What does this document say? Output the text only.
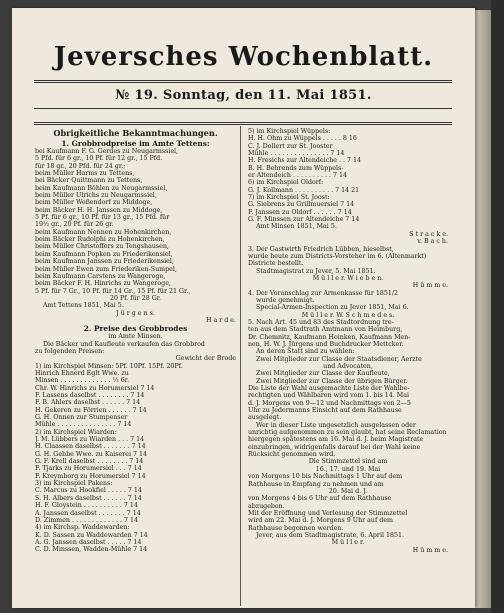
Jeversches Wochenblatt.
№ 19. Sonntag, den 11. Mai 1851.
Obrigkeitliche Bekanntmachungen.
1. Grobbrodpreise im Amte Tettens:
bei Kaufmann F. G. Gerdes zu Neugarmssiel,
5 Pfd. für 6 gr., 10 Pf. für 12 gr., 15 Pfd.
für 18 gr., 20 Pfd. für 24 gr.;
beim Müller Harms zu Tettens,
bei Bäcker Quittmann zu Tettens,
beim Kaufmann Böhlen zu Neugarmssiel,
beim Müller Ulrichs zu Neugarmssiel,
beim Müller Weßendorf zu Middoge,
beim Bäcker H. H. Janssen zu Middoge,
5 Pf. für 6 gr., 10 Pf. für 13 gr., 15 Pfd. für
19½ gr., 20 Pf. für 26 gr.
beim Kaufmann Nennen zu Hohenkirchen,
beim Bäcker Rudolphi zu Hohenkirchen,
beim Müller Christoffers zu Tengshausen,
beim Kaufmann Popken zu Friederikensiel,
beim Kaufmann Janssen zu Friederikensiel,
beim Müller Ewen zum Friederiken-Sumpel,
beim Kaufmann Carstens zu Wangeroge,
beim Bäcker F. H. Hinrichs zu Wangeroge,
5 Pf. für 7 Gr., 10 Pf. für 14 Gr., 15 Pf. für 21 Gr.,
20 Pf. für 28 Gr.
Amt Tettens 1851, Mai 5.
J ü r g e n s.
H a r d e.
2. Preise des Grobbrodes
im Amte Minsen.
Die Bäcker und Kaufleute verkaufen das Grobbrod
zu folgenden Preisen:
Gewicht der Brode
1) im Kirchspiel Minsen: 5Pf. 10Pf. 15Pf. 20Pf.
Hinrich Ehnerd Eglt Wwe. zu
Minsen . . . . . . . . . . . . . ½ 6r.
Chr. W. Hinrichs zu Horumersiel 7 14
F. Lassens daselbst . . . . . . . . 7 14
F. B. Ahlers daselbst . . . . . . 7 14
H. Gekeren zu Förrien . . . . . . 7 14
G. H. Onnen zur Stumpenser
Mühle . . . . . . . . . . . . . . . 7 14
2) im Kirchspiel Wiarden:
J. M. Lübbers zu Wiarden . . . 7 14
H. Claassen daselbst . . . . . . . 7 14
G. H. Gebbe Wwe. zu Kaiserei 7 14
G. F. Krell daselbst . . . . . . . . 7 14
F. Tjarks zu Horumersiel . . . 7 14
F. Kreymborg zu Horumersiel 7 14
3) im Kirchspiel Pakens:
C. Marcus zu Hookfiel . . . . . 7 14
S. H. Albers daselbst . . . . . . 7 14
H. F. Gloystein . . . . . . . . . . 7 14
A. Janssen daselbst . . . . . . . 7 14
D. Zimmen . . . . . . . . . . . . . 7 14
4) im Kirchsp. Waddewarden:
K. D. Sassen zu Waddewarden 7 14
A. G. Janssen daselbst . . . . . 7 14
C. D. Minssen, Wadden-Mühle 7 14
5) im Kirchspiel Wüppels:
H. H. Ohm zu Wüppels . . . . . 8 16
C. J. Dollert zur St. Jooster
Mühle . . . . . . . . . . . . . . . 7 14
H. Fresichs zur Altendeiche . . 7 14
B. H. Behrends zum Wüppels-
er Altendeich . . . . . . . . . . 7 14
6) im Kirchspiel Oldorf:
G. J. Kollmann . . . . . . . . . . 7 14 21
7) im Kirchspiel St. Joost:
G. Siebrens zu Grillmuersiel 7 14
F. Janssen zu Oldorf . . . . . . 7 14
G. F. Minssen zur Altendeiche 7 14
Amt Minsen 1851, Mai 5.
S t r a c k e.
v. B a c h.
3. Der Gastwirth Friedrich Lübben, hieselbst,
wurde heute zum Districts-Vorsteher im 6. (Altenmarkt)
Districte bestellt.
Stadtmagistrat zu Jever, 5. Mai 1851.
M ü l l e r. W i e b e n.
H ü m m e.
4. Der Voranschlag zur Armenkasse für 1851/2
wurde genehmigt.
Special-Armen-Inspection zu Jever 1851, Mai 6.
M ü l l e r. W. S c h m e d e s.
5. Nach Art. 45 und 83 des Stadtordnung tre-
ten aus dem Stadtrath Amtmann von Heimburg,
Dr. Chemnitz, Kaufmann Heinken, Kaufmann Men-
nen, H. W. J. Jürgens und Buchdrucker Mettcker.
An deren Statt sind zu wählen:
Zwei Mitglieder zur Classe der Staatsdiener, Aerzte
und Advocaten,
Zwei Mitglieder zur Classe der Kaufleute,
Zwei Mitglieder zur Classe der übrigen Bürger.
Die Liste der Wahl ausgemachte Liste der Wahlbe-
rechtigten und Wählbaren wird vom 1. bis 14. Mai
d. J. Morgens von 9—12 und Nachmittags von 2—5
Uhr zu Jedermanns Einsicht auf dem Rathhause
ausgelegt.
Wer in dieser Liste ungesetzlich ausgelassen oder
unrichtig aufgenommen zu sein glaubt, hat seine Reclamation
hiergegen spätestens am 16. Mai d. J. beim Magistrate
einzubringen, widrigenfalls darauf bei der Wahl keine
Rücksicht genommen wird.
Die Stimmzettel sind am
16., 17. und 19. Mai
von Morgens 10 bis Nachmittags 1 Uhr auf dem
Rathhause in Empfang zu nehmen und am
20. Mai d. J.
von Morgens 4 bis 6 Uhr auf dem Rathhause
abzugeben.
Mit der Eröffnung und Verlesung der Stimmzettel
wird am 22. Mai d. J. Morgens 9 Uhr auf dem
Rathhause begonnen werden.
Jever, aus dem Stadtmagistrate, 6. April 1851.
M ü l l e r.
H ü m m e.
